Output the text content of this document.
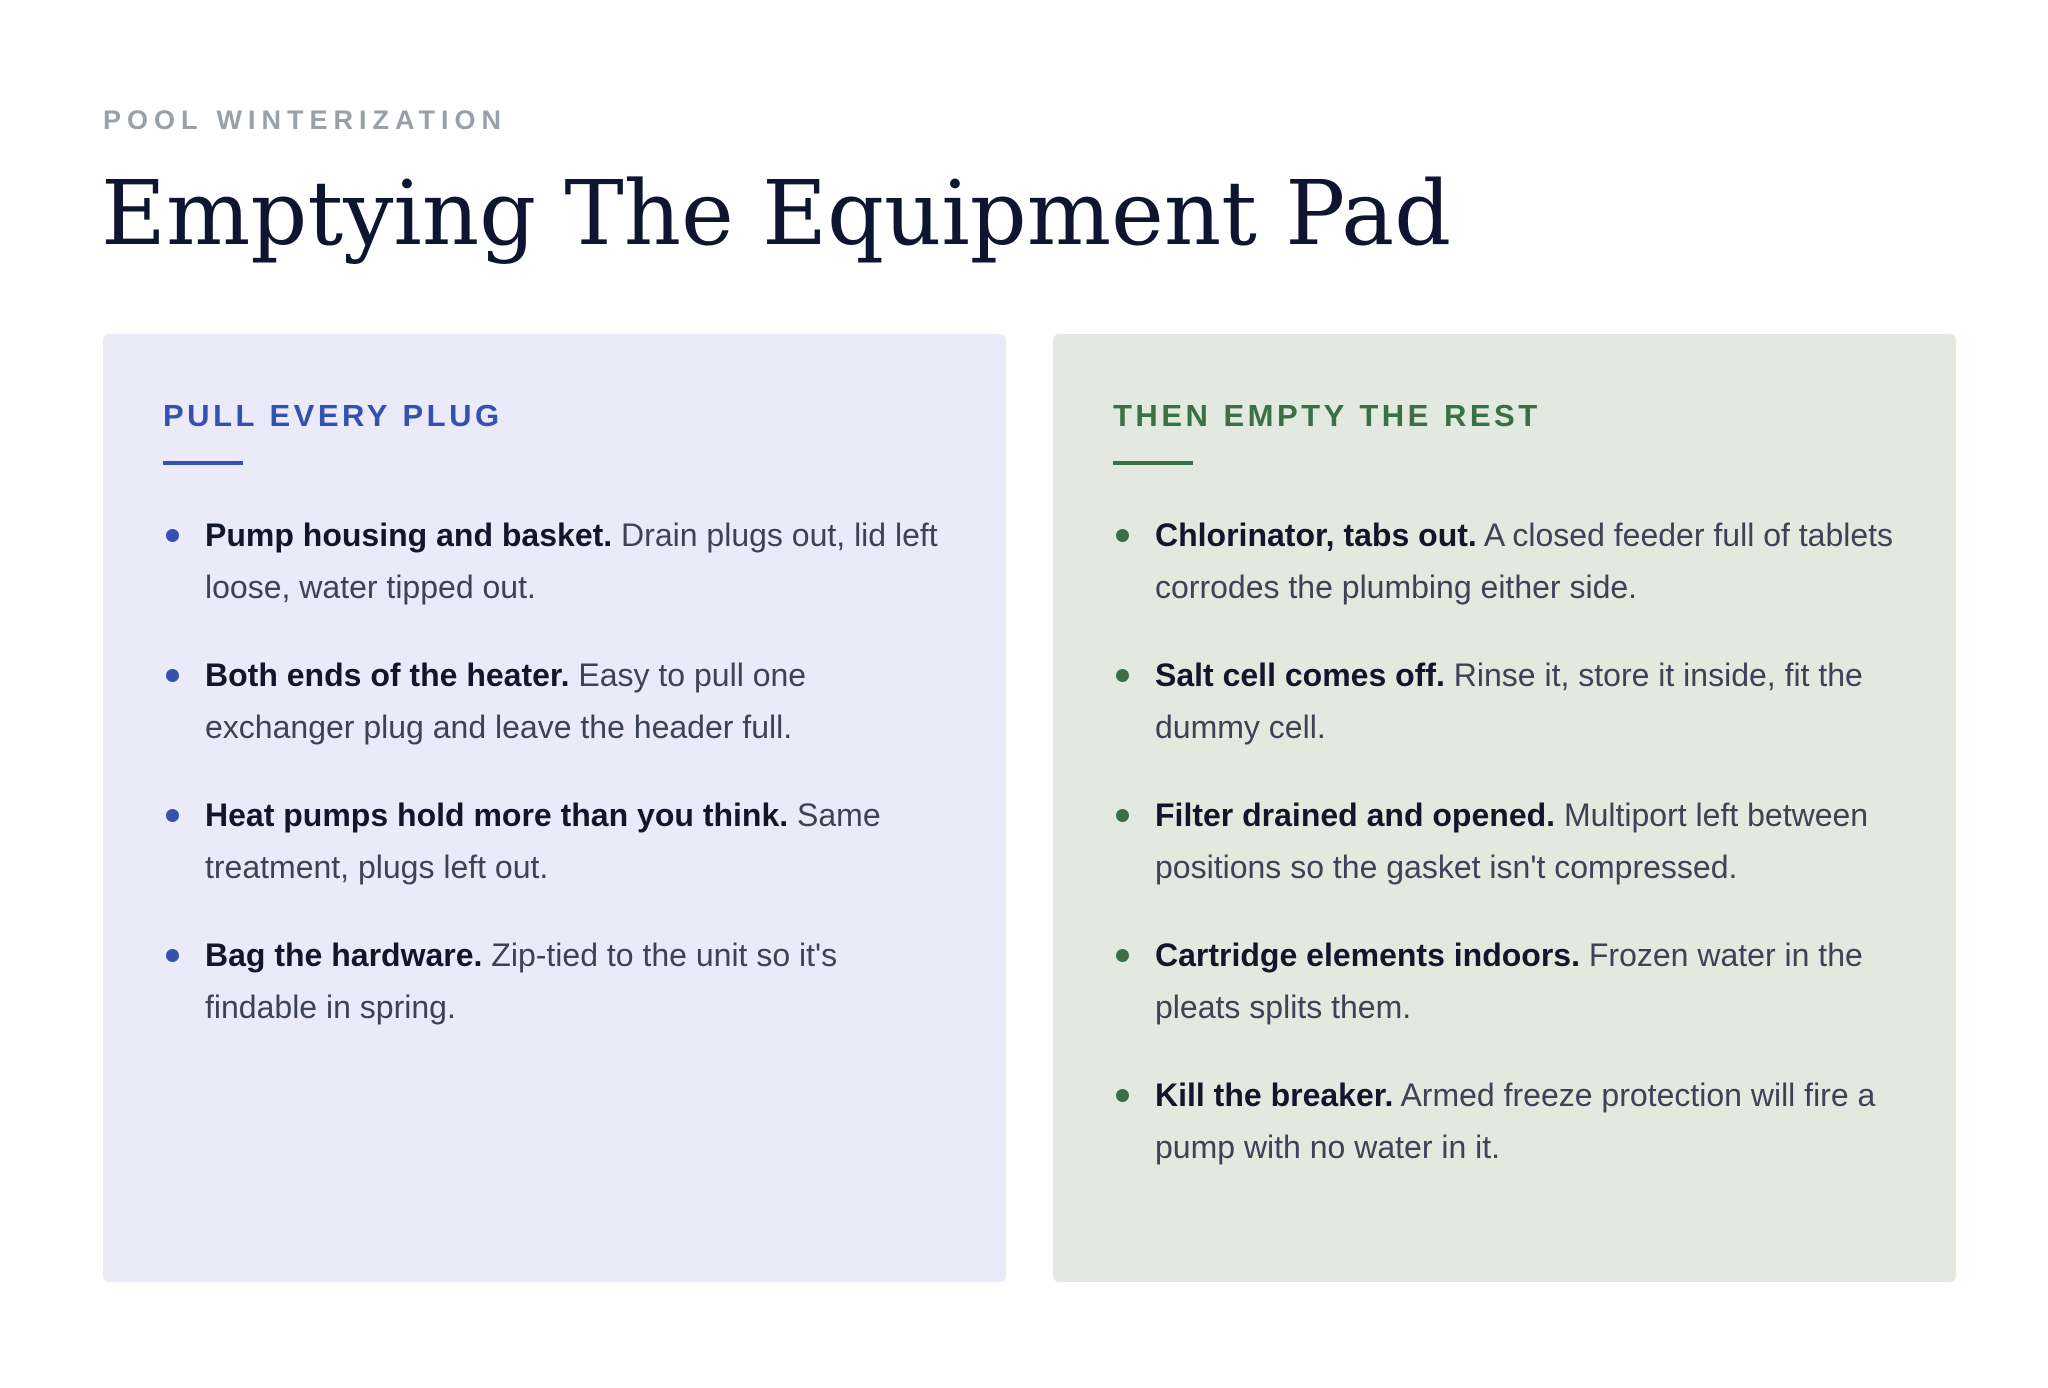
POOL WINTERIZATION
Emptying The Equipment Pad
PULL EVERY PLUG
Pump housing and basket. Drain plugs out, lid left loose, water tipped out.
Both ends of the heater. Easy to pull one exchanger plug and leave the header full.
Heat pumps hold more than you think. Same treatment, plugs left out.
Bag the hardware. Zip-tied to the unit so it's findable in spring.
THEN EMPTY THE REST
Chlorinator, tabs out. A closed feeder full of tablets corrodes the plumbing either side.
Salt cell comes off. Rinse it, store it inside, fit the dummy cell.
Filter drained and opened. Multiport left between positions so the gasket isn't compressed.
Cartridge elements indoors. Frozen water in the pleats splits them.
Kill the breaker. Armed freeze protection will fire a pump with no water in it.
